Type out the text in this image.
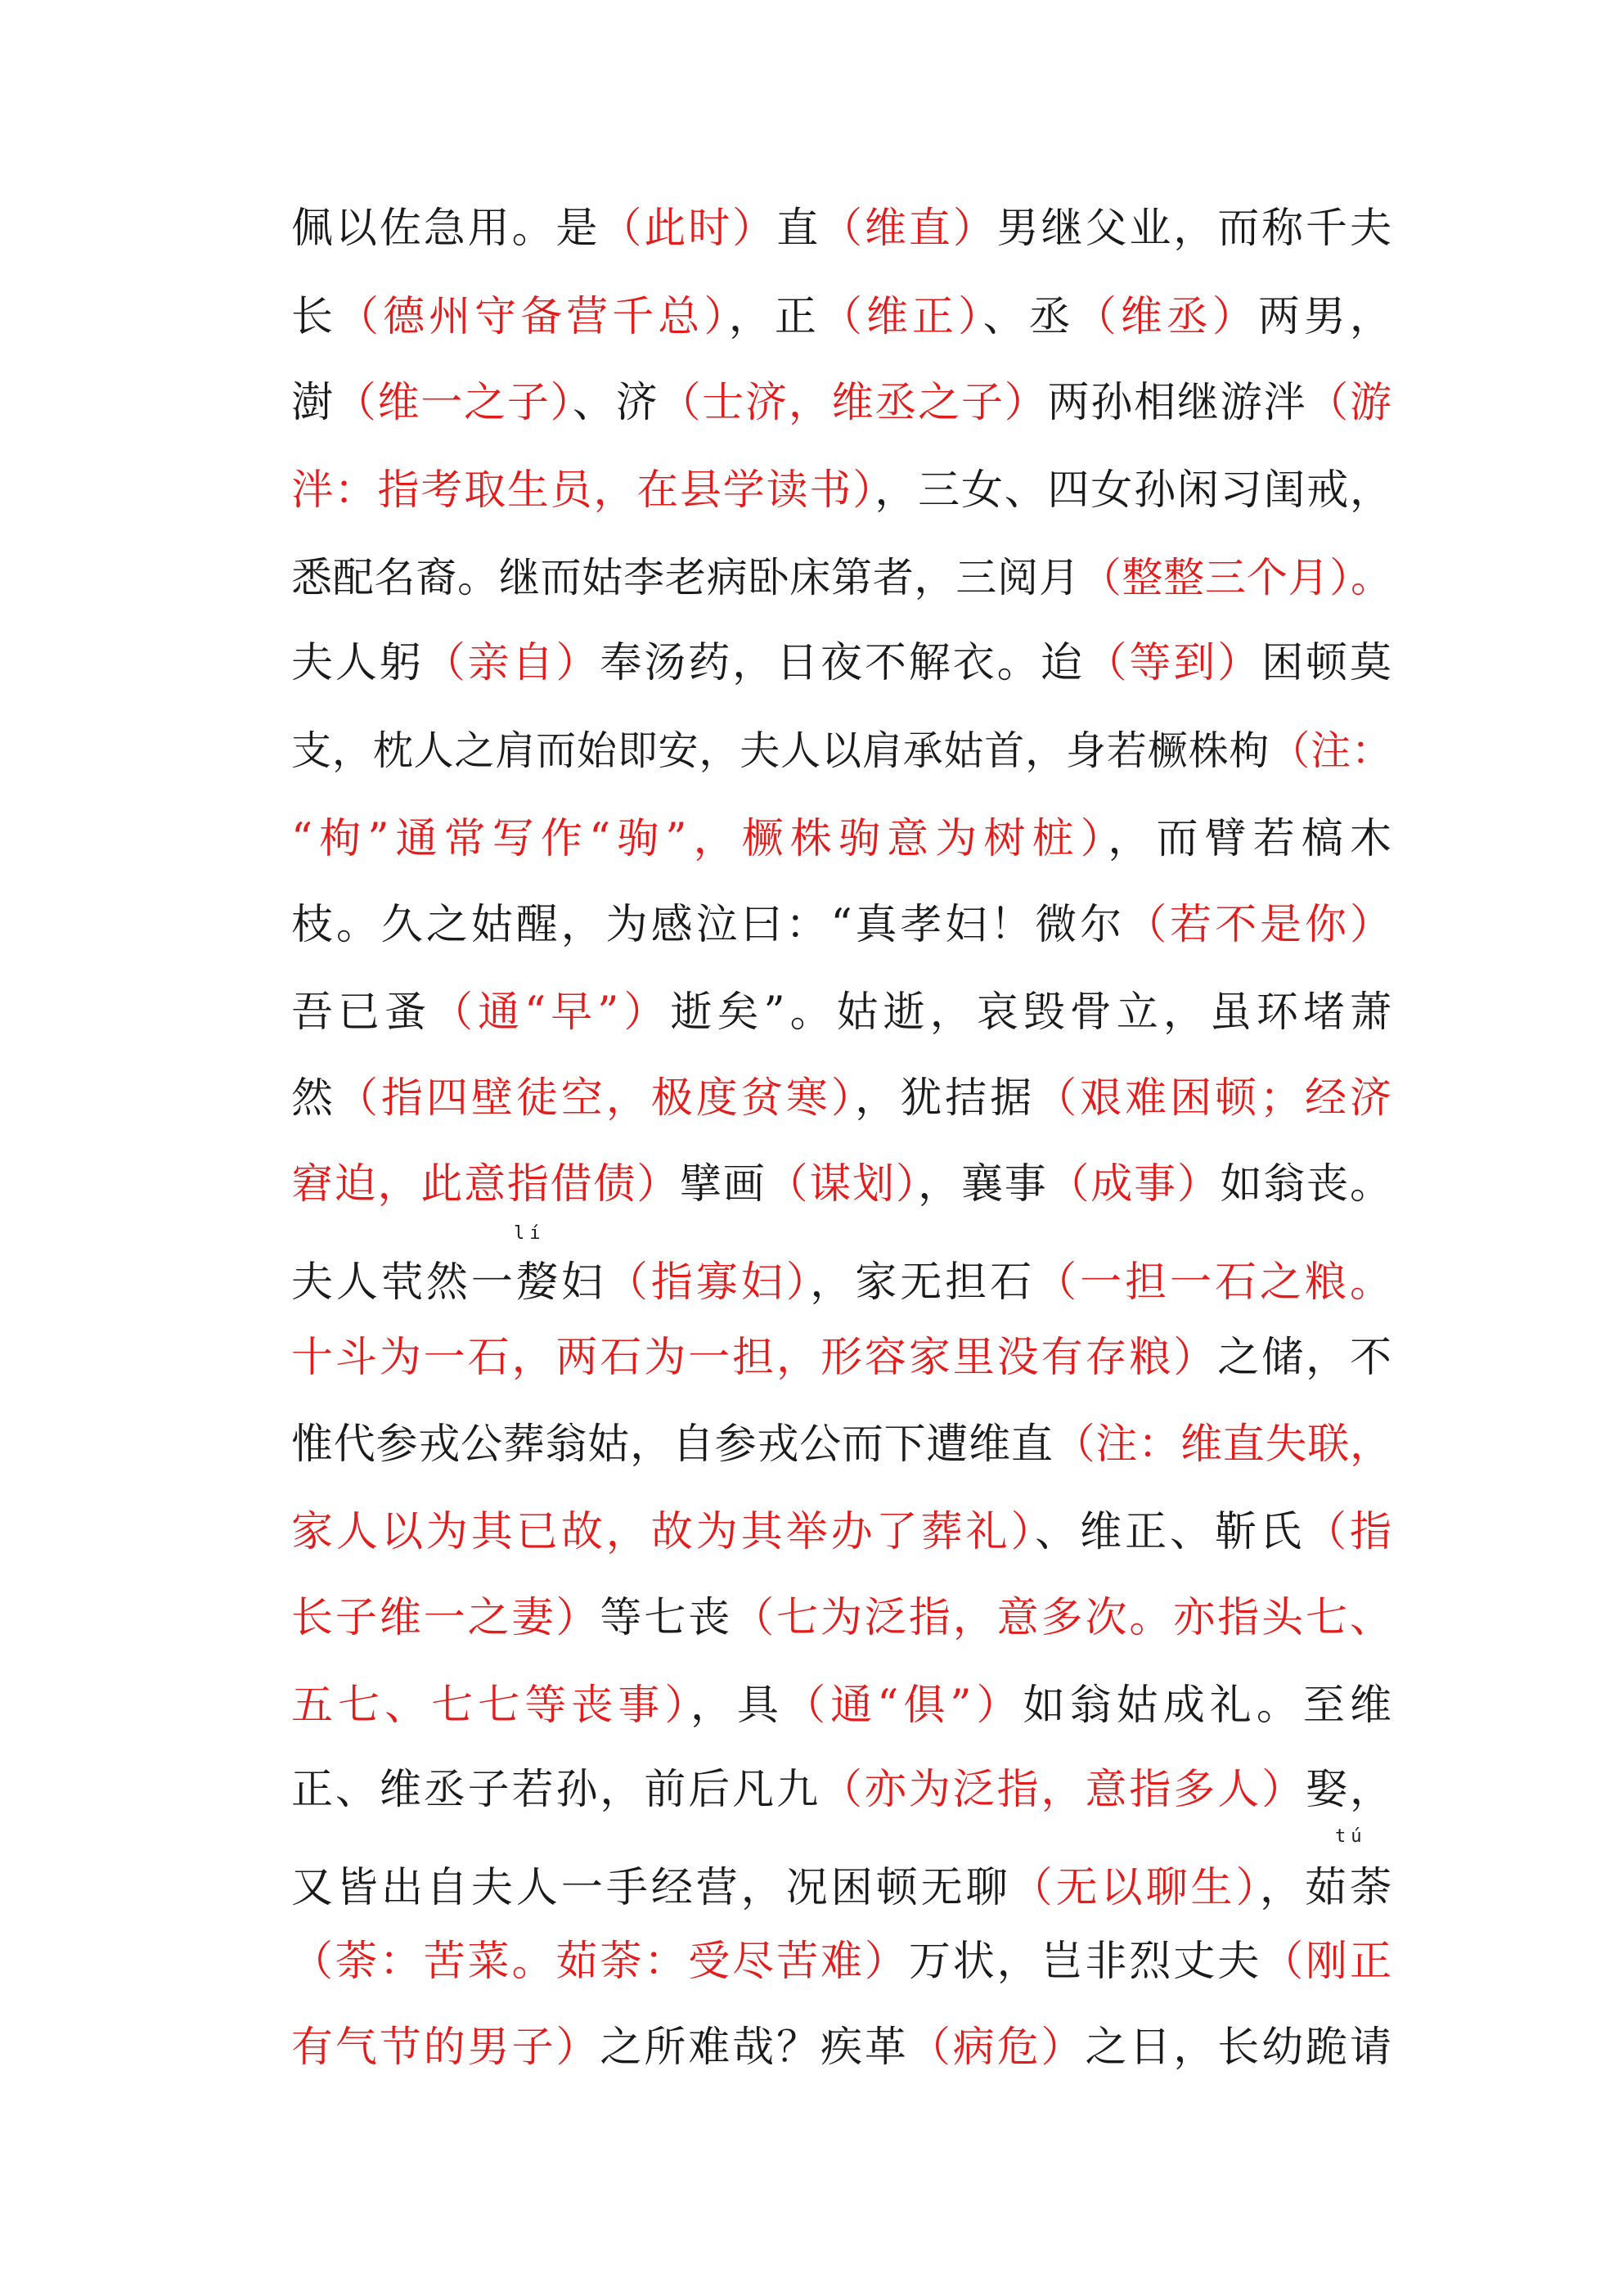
佩以佐急用。是（此时）直（维直）男继父业，而称千夫
长（德州守备营千总），正（维正）、丞（维丞）两男，
澍（维一之子）、济（士济，维丞之子）两孙相继游泮（游
泮：指考取生员，在县学读书），三女、四女孙闲习闺戒，
悉配名裔。继而姑李老病卧床第者，三阅月（整整三个月）。
夫人躬（亲自）奉汤药，日夜不解衣。迨（等到）困顿莫
支，枕人之肩而始即安，夫人以肩承姑首，身若橛株枸（注：
“枸”通常写作“驹”，橛株驹意为树桩），而臂若槁木
枝。久之姑醒，为感泣曰：“真孝妇！微尔（若不是你）
吾已蚤（通“早”）逝矣”。姑逝，哀毁骨立，虽环堵萧
然（指四壁徒空，极度贫寒），犹拮据（艰难困顿；经济
窘迫，此意指借债）擘画（谋划），襄事（成事）如翁丧。
夫人茕然一嫠妇（指寡妇），家无担石（一担一石之粮。
十斗为一石，两石为一担，形容家里没有存粮）之储，不
惟代参戎公葬翁姑，自参戎公而下遭维直（注：维直失联，
家人以为其已故，故为其举办了葬礼）、维正、靳氏（指
长子维一之妻）等七丧（七为泛指，意多次。亦指头七、
五七、七七等丧事），具（通“俱”）如翁姑成礼。至维
正、维丞子若孙，前后凡九（亦为泛指，意指多人）娶，
又皆出自夫人一手经营，况困顿无聊（无以聊生），茹荼
（荼：苦菜。茹荼：受尽苦难）万状，岂非烈丈夫（刚正
有气节的男子）之所难哉？疾革（病危）之日，长幼跪请
lí
tú
